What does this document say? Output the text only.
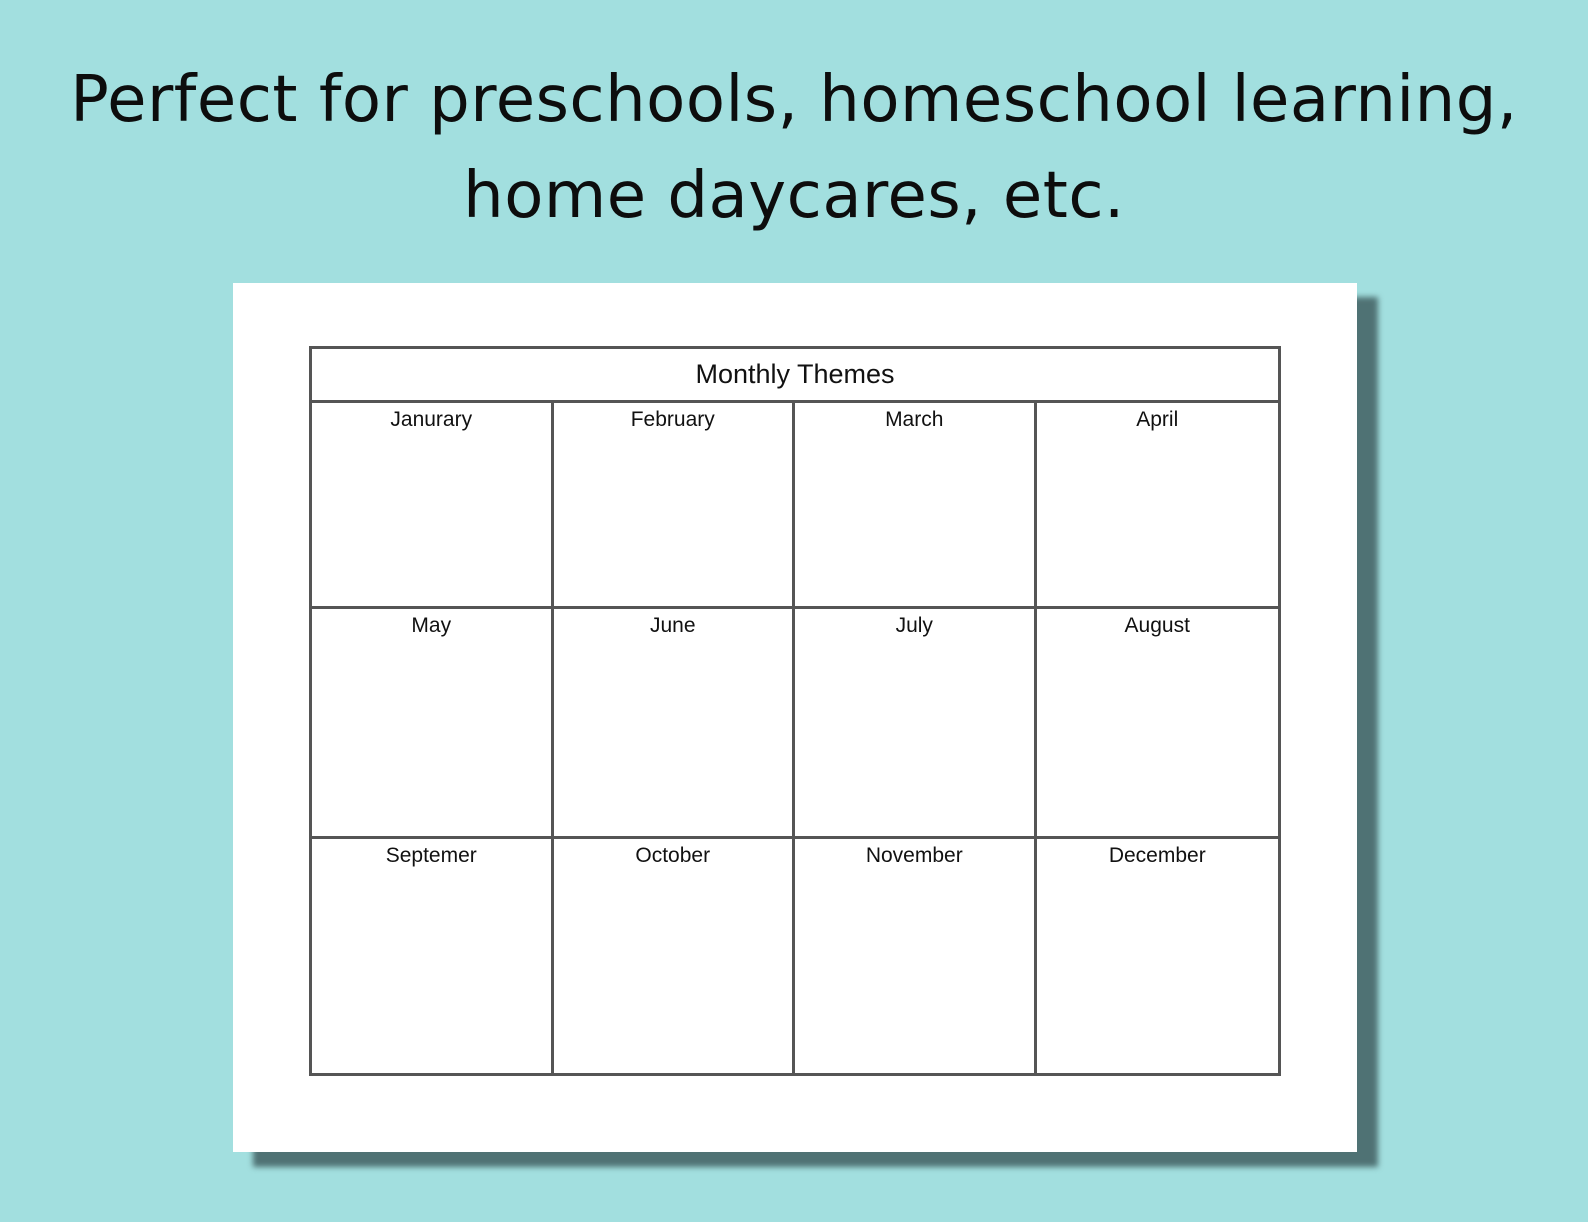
Perfect for preschools, homeschool learning,
home daycares, etc.
Monthly Themes
Janurary	February	March	April
May	June	July	August
Septemer	October	November	December
